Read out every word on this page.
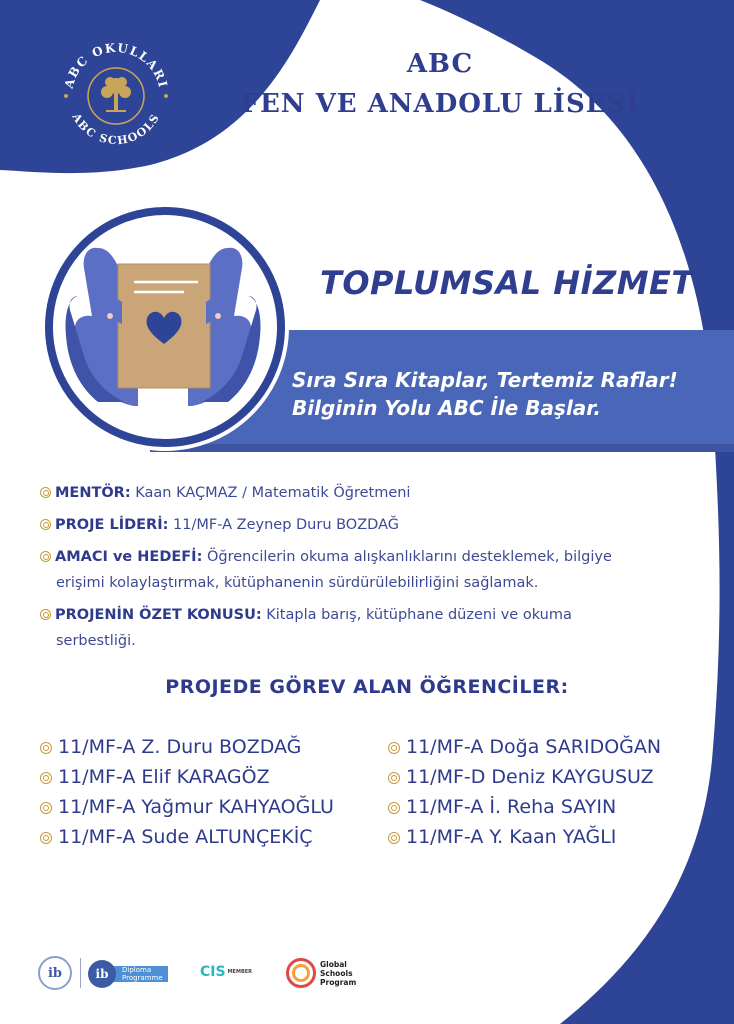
ABC OKULLARI
ABC SCHOOLS
ABC
FEN VE ANADOLU LİSESİ
TOPLUMSAL HİZMET
Sıra Sıra Kitaplar, Tertemiz Raflar!
Bilginin Yolu ABC İle Başlar.
MENTÖR: Kaan KAÇMAZ / Matematik Öğretmeni
PROJE LİDERİ: 11/MF-A Zeynep Duru BOZDAĞ
AMACI ve HEDEFİ: Öğrencilerin okuma alışkanlıklarını desteklemek, bilgiye
erişimi kolaylaştırmak, kütüphanenin sürdürülebilirliğini sağlamak.
PROJENİN ÖZET KONUSU: Kitapla barış, kütüphane düzeni ve okuma
serbestliği.
PROJEDE GÖREV ALAN ÖĞRENCİLER:
11/MF-A Z. Duru BOZDAĞ
11/MF-A Elif KARAGÖZ
11/MF-A Yağmur KAHYAOĞLU
11/MF-A Sude ALTUNÇEKİÇ
11/MF-A Doğa SARIDOĞAN
11/MF-D Deniz KAYGUSUZ
11/MF-A İ. Reha SAYIN
11/MF-A Y. Kaan YAĞLI
ib	Diploma
Programme
ib	CIS MEMBER
Global
Schools
Program
